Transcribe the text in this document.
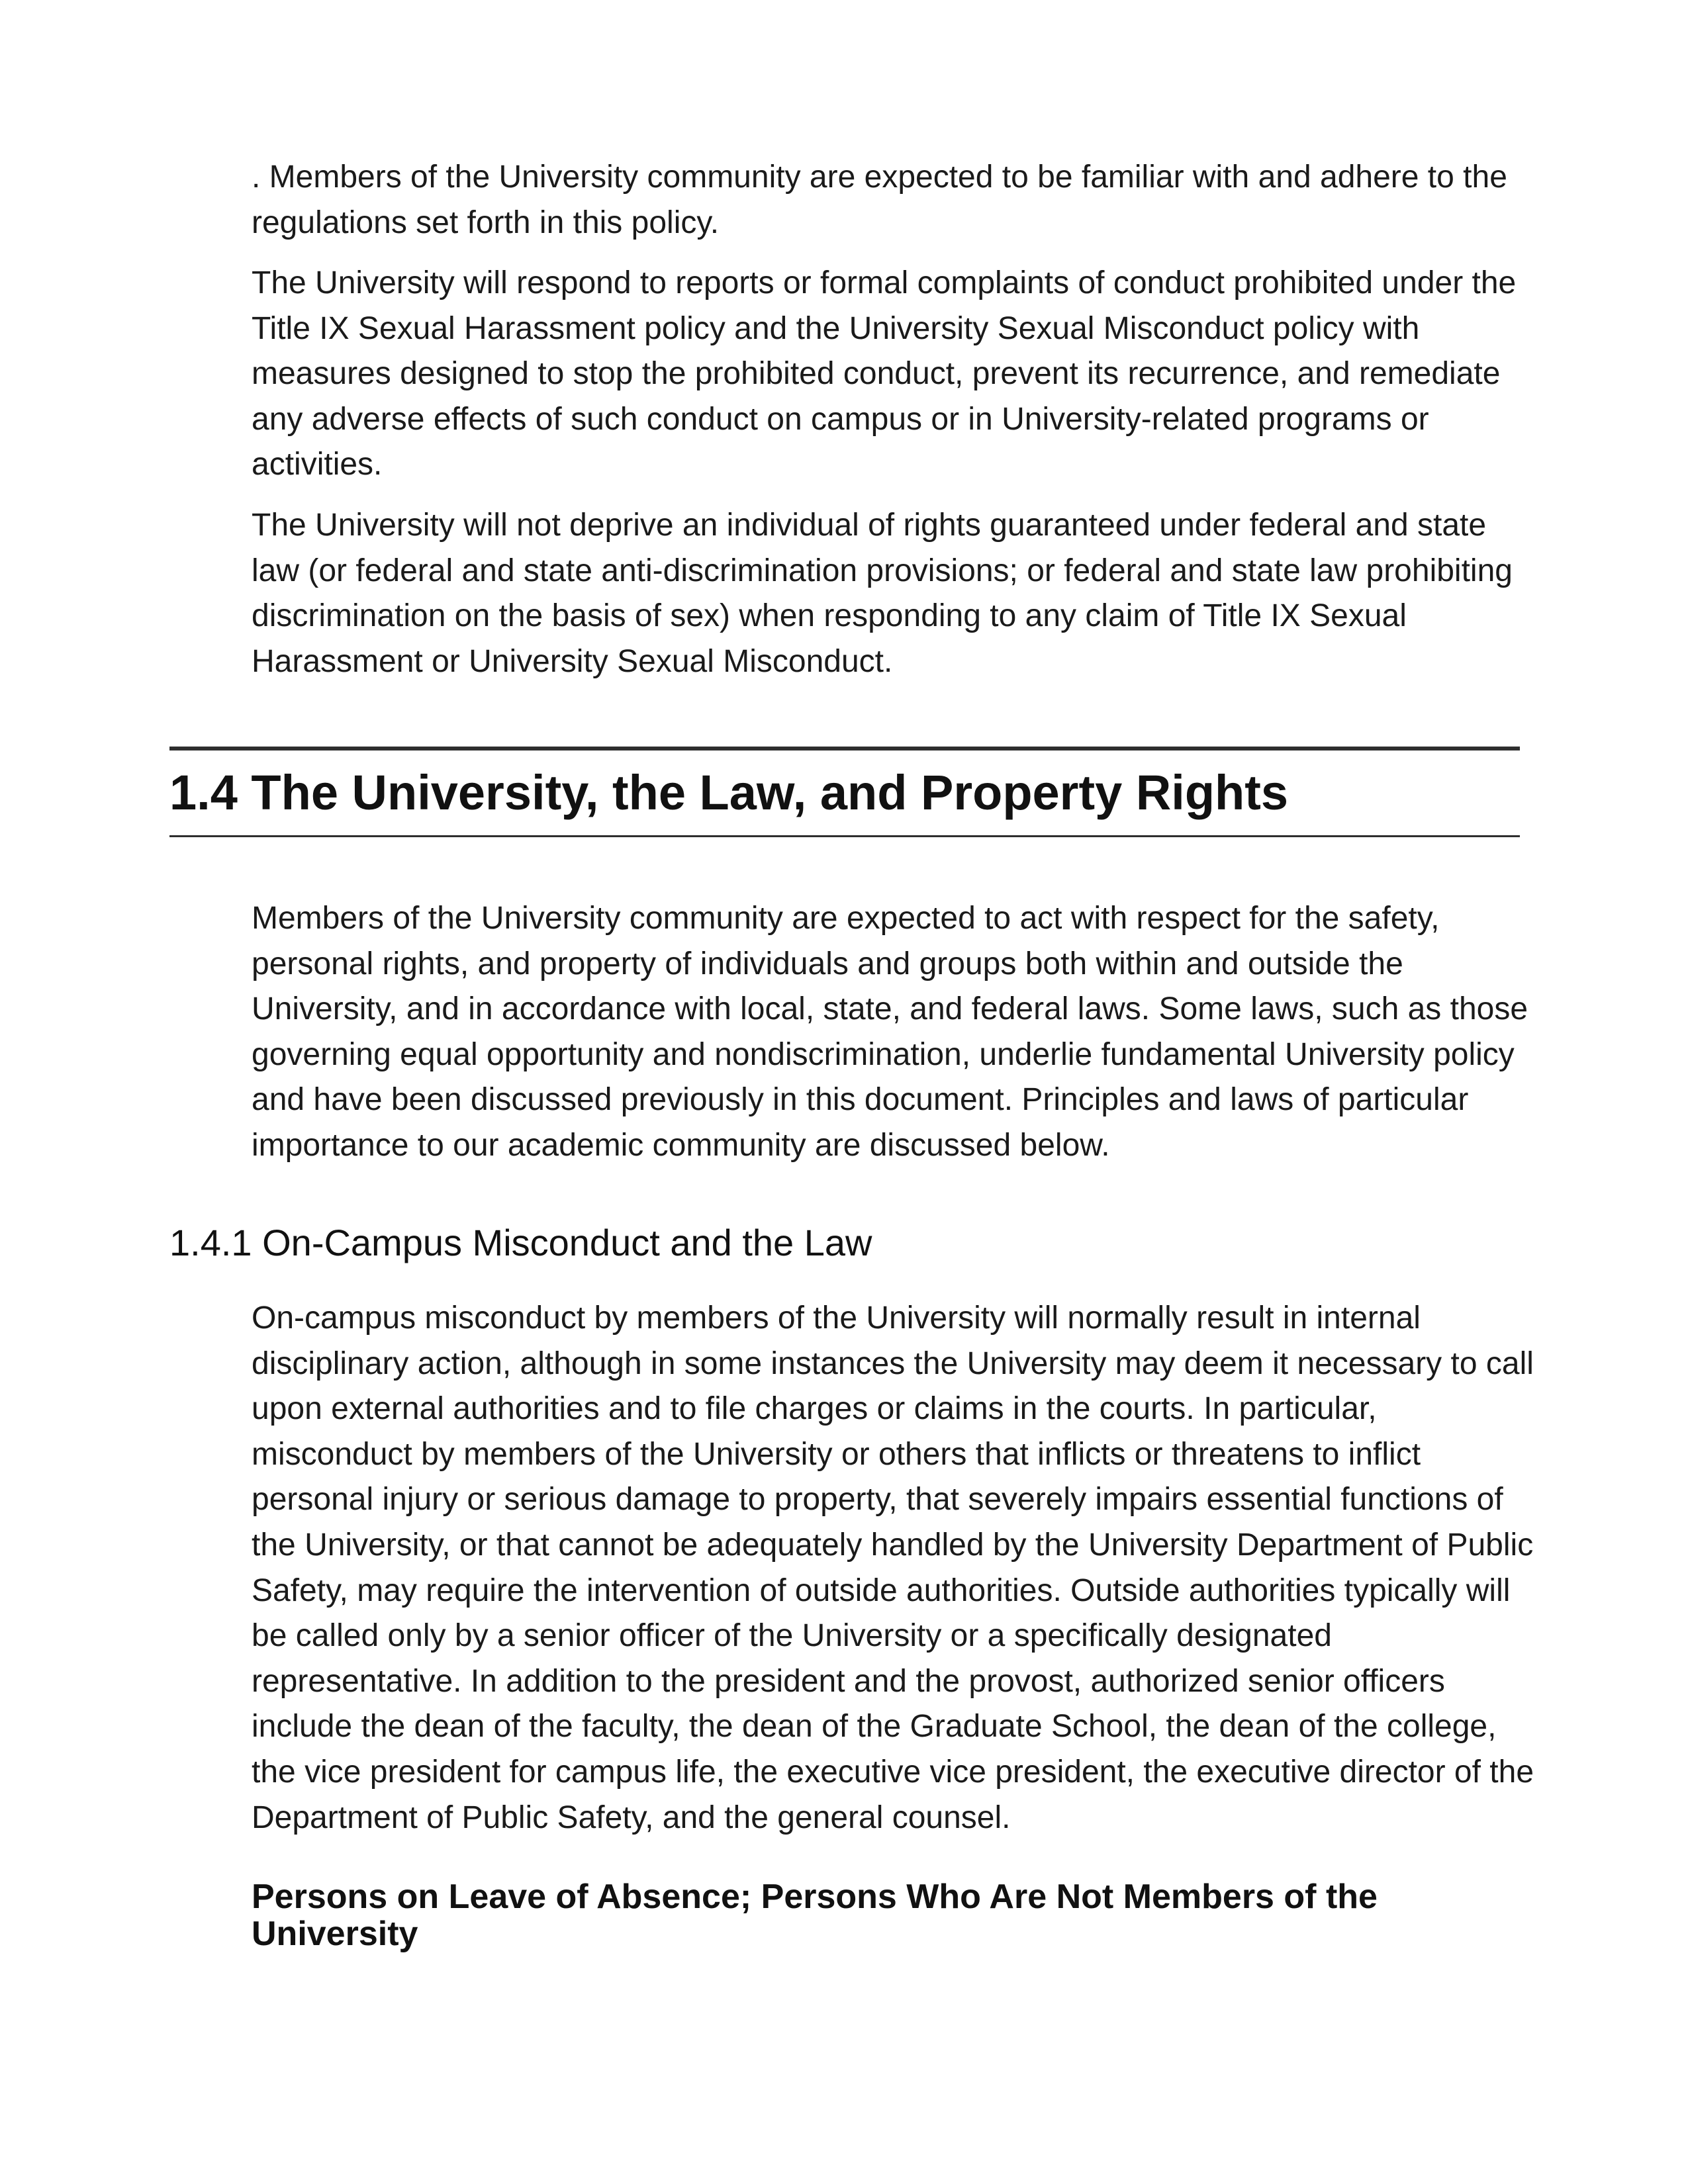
. Members of the University community are expected to be familiar with and adhere to the regulations set forth in this policy.

The University will respond to reports or formal complaints of conduct prohibited under the Title IX Sexual Harassment policy and the University Sexual Misconduct policy with measures designed to stop the prohibited conduct, prevent its recurrence, and remediate any adverse effects of such conduct on campus or in University-related programs or activities.

The University will not deprive an individual of rights guaranteed under federal and state law (or federal and state anti-discrimination provisions; or federal and state law prohibiting discrimination on the basis of sex) when responding to any claim of Title IX Sexual Harassment or University Sexual Misconduct.

1.4 The University, the Law, and Property Rights

Members of the University community are expected to act with respect for the safety, personal rights, and property of individuals and groups both within and outside the University, and in accordance with local, state, and federal laws. Some laws, such as those governing equal opportunity and nondiscrimination, underlie fundamental University policy and have been discussed previously in this document. Principles and laws of particular importance to our academic community are discussed below.

1.4.1 On-Campus Misconduct and the Law

On-campus misconduct by members of the University will normally result in internal disciplinary action, although in some instances the University may deem it necessary to call upon external authorities and to file charges or claims in the courts. In particular, misconduct by members of the University or others that inflicts or threatens to inflict personal injury or serious damage to property, that severely impairs essential functions of the University, or that cannot be adequately handled by the University Department of Public Safety, may require the intervention of outside authorities. Outside authorities typically will be called only by a senior officer of the University or a specifically designated representative. In addition to the president and the provost, authorized senior officers include the dean of the faculty, the dean of the Graduate School, the dean of the college, the vice president for campus life, the executive vice president, the executive director of the Department of Public Safety, and the general counsel.

Persons on Leave of Absence; Persons Who Are Not Members of the University
